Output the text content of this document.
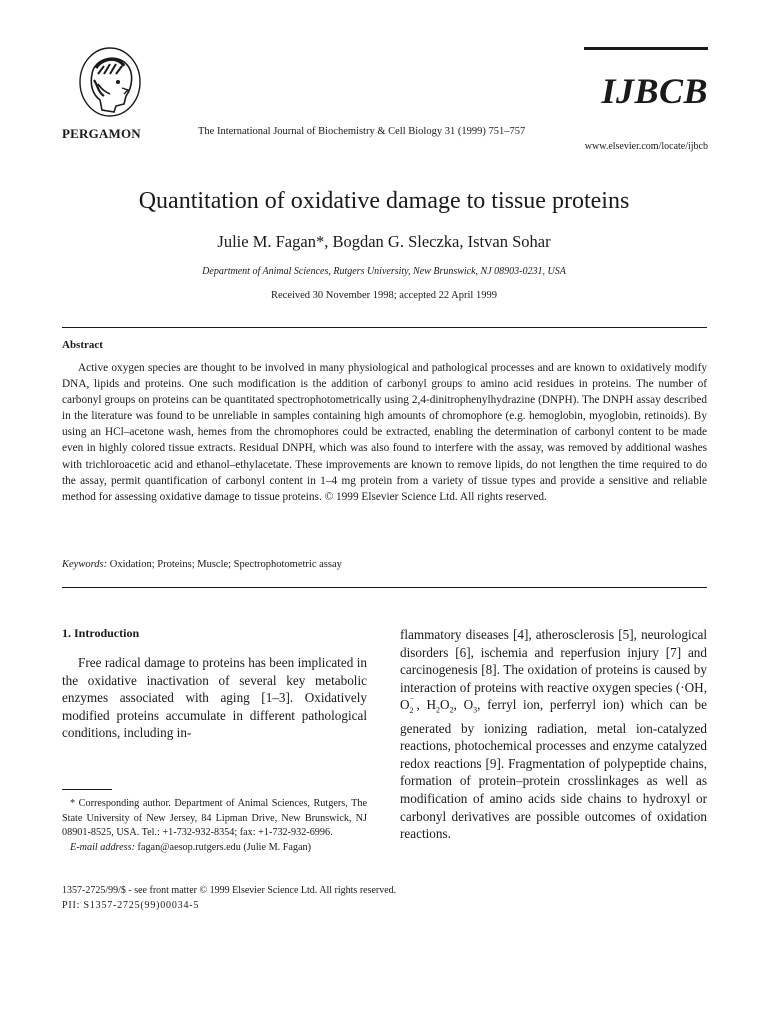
PERGAMON	The International Journal of Biochemistry & Cell Biology 31 (1999) 751–757
IJBCB
www.elsevier.com/locate/ijbcb
Quantitation of oxidative damage to tissue proteins
Julie M. Fagan*, Bogdan G. Sleczka, Istvan Sohar
Department of Animal Sciences, Rutgers University, New Brunswick, NJ 08903-0231, USA
Received 30 November 1998; accepted 22 April 1999
Abstract
Active oxygen species are thought to be involved in many physiological and pathological processes and are known to oxidatively modify DNA, lipids and proteins. One such modification is the addition of carbonyl groups to amino acid residues in proteins. The number of carbonyl groups on proteins can be quantitated spectrophotometrically using 2,4-dinitrophenylhydrazine (DNPH). The DNPH assay described in the literature was found to be unreliable in samples containing high amounts of chromophore (e.g. hemoglobin, myoglobin, retinoids). By using an HCl–acetone wash, hemes from the chromophores could be extracted, enabling the determination of carbonyl content to be made even in highly colored tissue extracts. Residual DNPH, which was also found to interfere with the assay, was removed by additional washes with trichloroacetic acid and ethanol–ethylacetate. These improvements are known to remove lipids, do not lengthen the time required to do the assay, permit quantification of carbonyl content in 1–4 mg protein from a variety of tissue types and provide a sensitive and reliable method for assessing oxidative damage to tissue proteins. © 1999 Elsevier Science Ltd. All rights reserved.
Keywords: Oxidation; Proteins; Muscle; Spectrophotometric assay
1. Introduction

Free radical damage to proteins has been implicated in the oxidative inactivation of several key metabolic enzymes associated with aging [1–3]. Oxidatively modified proteins accumulate in different pathological conditions, including in-

flammatory diseases [4], atherosclerosis [5], neurological disorders [6], ischemia and reperfusion injury [7] and carcinogenesis [8]. The oxidation of proteins is caused by interaction of proteins with reactive oxygen species (·OH, O −
2 , $H_2O_2$, $O_3$, ferryl ion, perferryl ion) which can be generated by ionizing radiation, metal ion-catalyzed reactions, photochemical processes and enzyme catalyzed redox reactions [9]. Fragmentation of polypeptide chains, formation of protein–protein crosslinkages as well as modification of amino acids side chains to hydroxyl or carbonyl derivatives are possible outcomes of oxidation reactions.

* Corresponding author. Department of Animal Sciences, Rutgers, The State University of New Jersey, 84 Lipman Drive, New Brunswick, NJ 08901-8525, USA. Tel.: +1-732-932-8354; fax: +1-732-932-6996.
E-mail address: fagan@aesop.rutgers.edu (Julie M. Fagan)
1357-2725/99/$ - see front matter © 1999 Elsevier Science Ltd. All rights reserved.
PII: S1357-2725(99)00034-5
